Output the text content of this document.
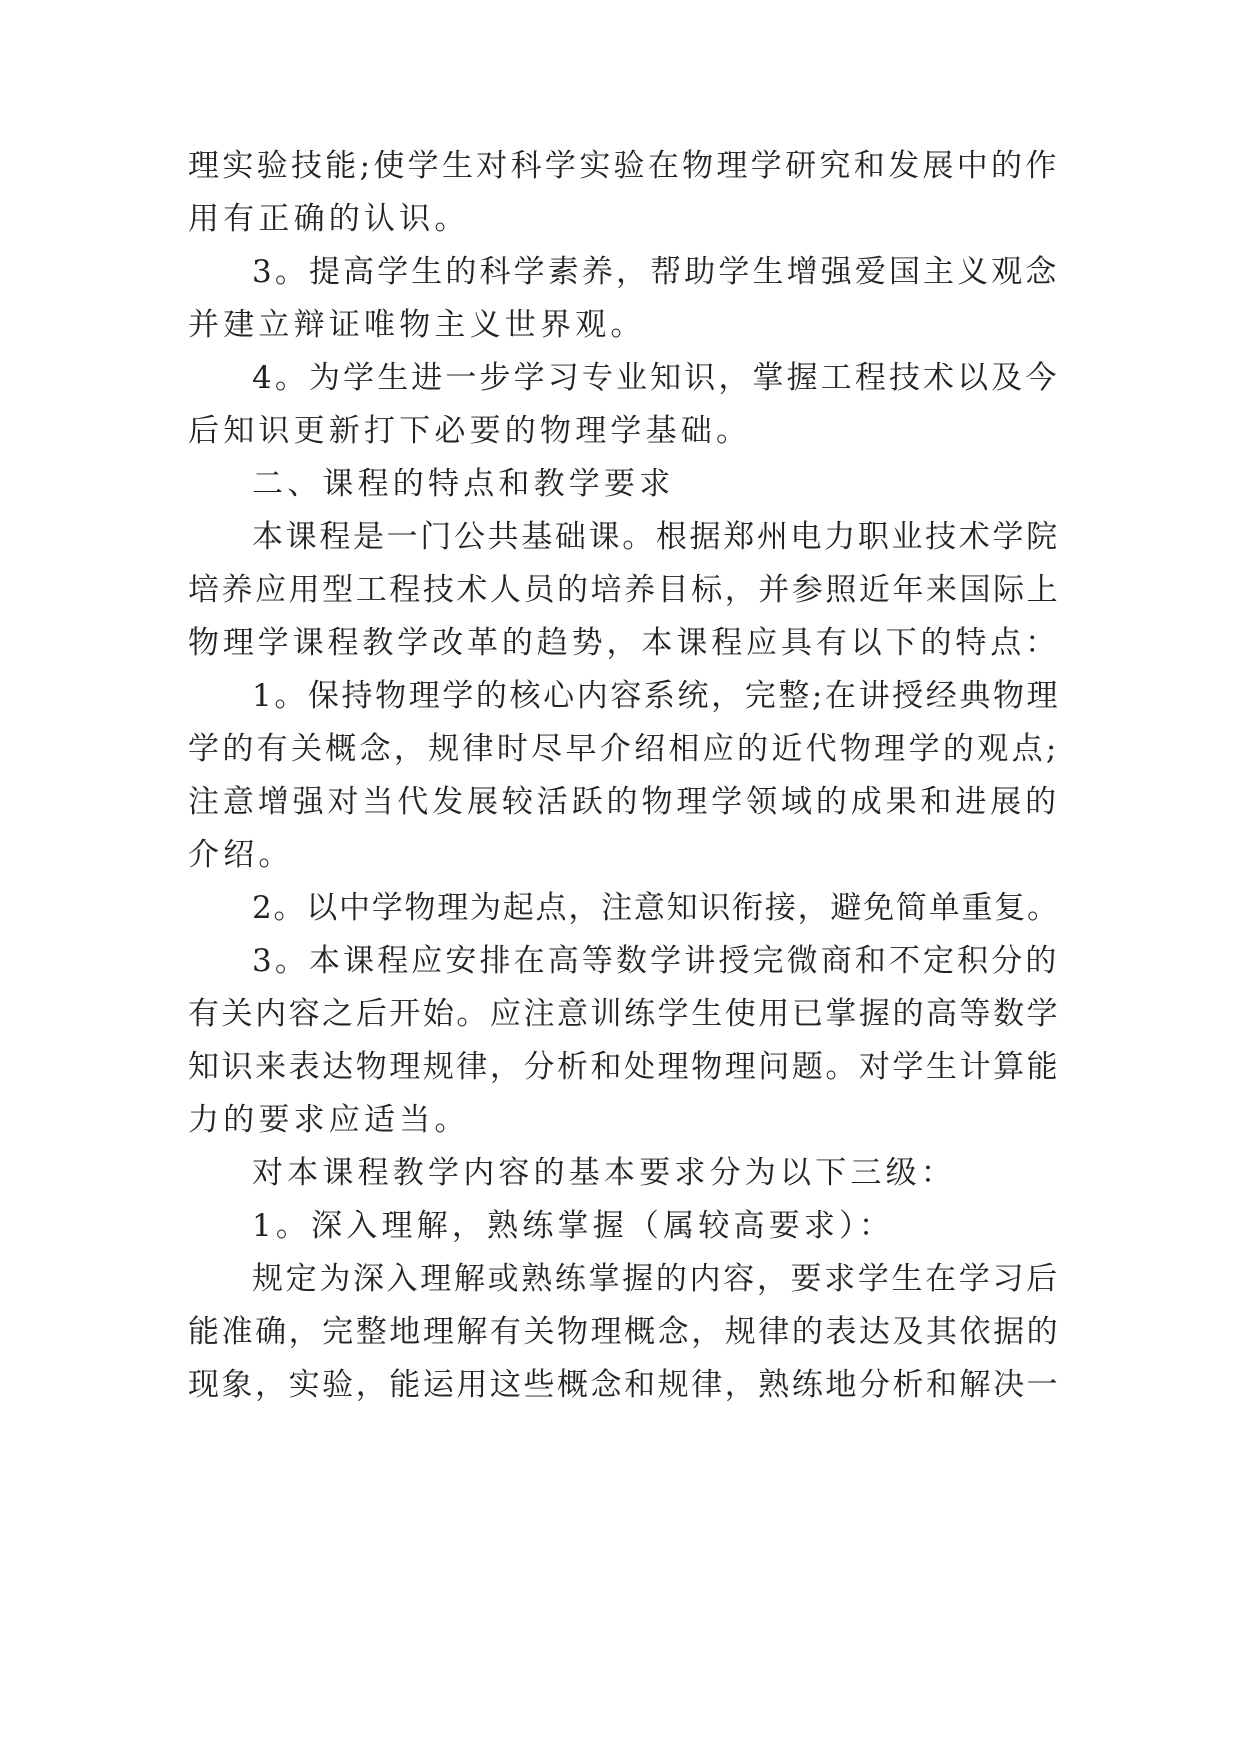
理实验技能;使学生对科学实验在物理学研究和发展中的作
用有正确的认识。
3。提高学生的科学素养，帮助学生增强爱国主义观念
并建立辩证唯物主义世界观。
4。为学生进一步学习专业知识，掌握工程技术以及今
后知识更新打下必要的物理学基础。
二、课程的特点和教学要求
本课程是一门公共基础课。根据郑州电力职业技术学院
培养应用型工程技术人员的培养目标，并参照近年来国际上
物理学课程教学改革的趋势，本课程应具有以下的特点：
1。保持物理学的核心内容系统，完整;在讲授经典物理
学的有关概念，规律时尽早介绍相应的近代物理学的观点;
注意增强对当代发展较活跃的物理学领域的成果和进展的
介绍。
2。以中学物理为起点，注意知识衔接，避免简单重复。
3。本课程应安排在高等数学讲授完微商和不定积分的
有关内容之后开始。应注意训练学生使用已掌握的高等数学
知识来表达物理规律，分析和处理物理问题。对学生计算能
力的要求应适当。
对本课程教学内容的基本要求分为以下三级：
1。深入理解，熟练掌握（属较高要求）：
规定为深入理解或熟练掌握的内容，要求学生在学习后
能准确，完整地理解有关物理概念，规律的表达及其依据的
现象，实验，能运用这些概念和规律，熟练地分析和解决一
